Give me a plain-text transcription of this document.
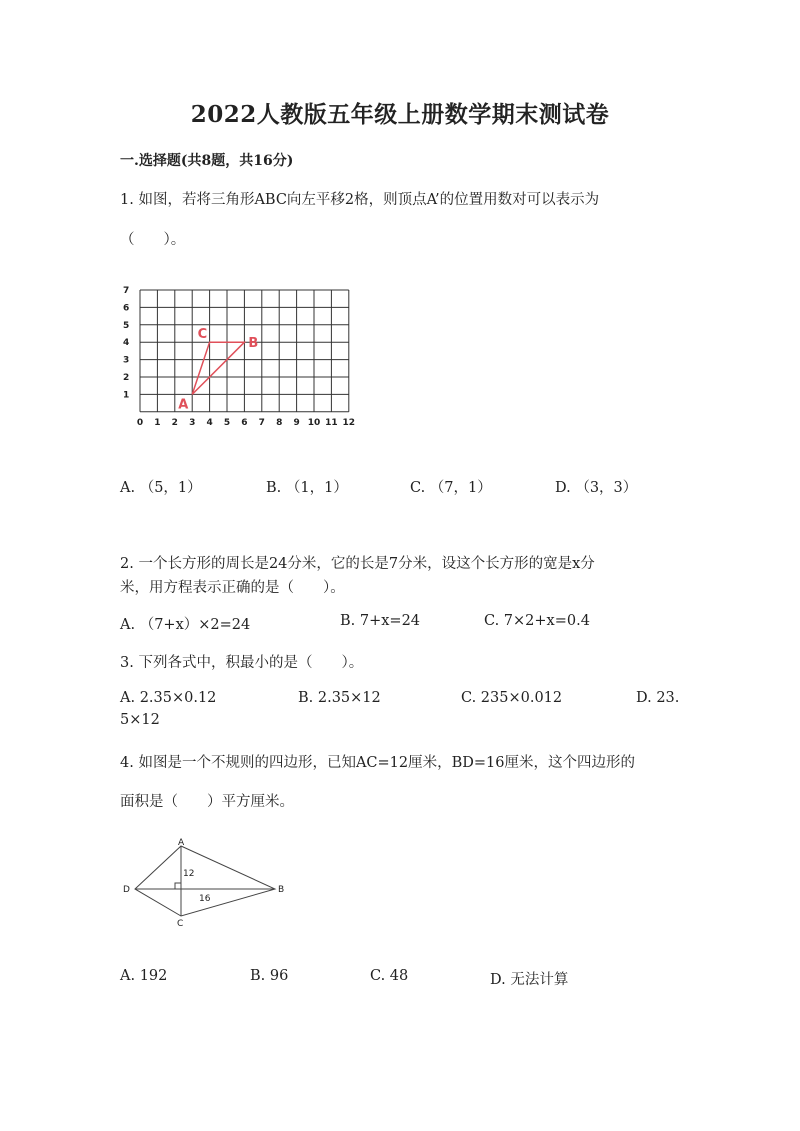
2022人教版五年级上册数学期末测试卷
一.选择题(共8题，共16分)
1. 如图，若将三角形ABC向左平移2格，则顶点A’的位置用数对可以表示为
（　　）。
7
6
5
4
3
2
1
0 1 2 3 4 5 6 7 8 9 10 11 12
A
B
C
A. （5，1）	B. （1，1）	C. （7，1）	D. （3，3）
2. 一个长方形的周长是24分米，它的长是7分米，设这个长方形的宽是x分
米，用方程表示正确的是（　　）。
A. （7+x）×2=24	B. 7+x=24	C. 7×2+x=0.4
3. 下列各式中，积最小的是（　　）。
A. 2.35×0.12	B. 2.35×12	C. 235×0.012	D. 23.
5×12
4. 如图是一个不规则的四边形，已知AC=12厘米，BD=16厘米，这个四边形的
面积是（　　）平方厘米。
A
B
C
D
12
16
A. 192	B. 96	C. 48	D. 无法计算
